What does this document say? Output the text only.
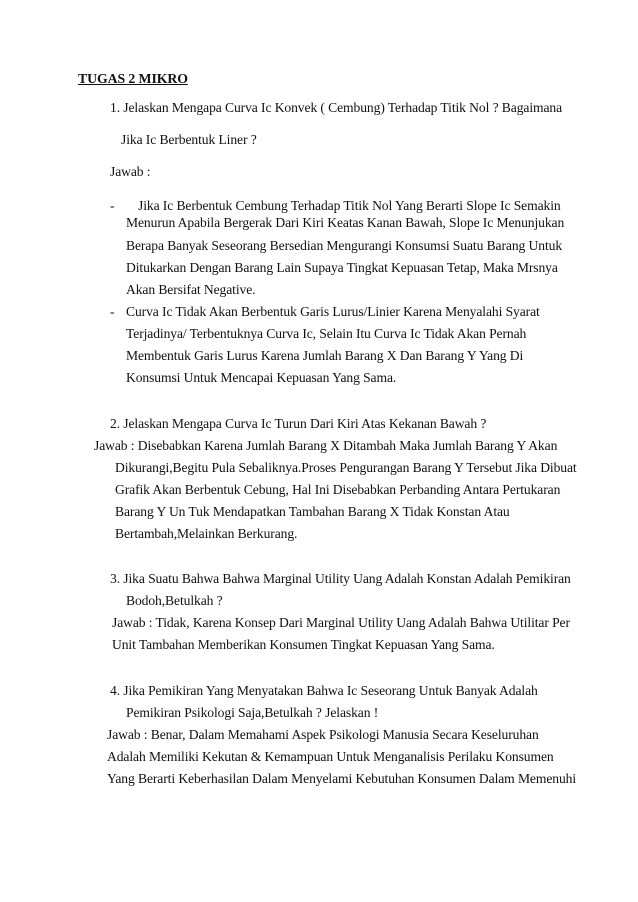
TUGAS 2 MIKRO
1. Jelaskan Mengapa Curva Ic Konvek ( Cembung) Terhadap Titik Nol ? Bagaimana
Jika Ic Berbentuk Liner ?
Jawab :
- Jika Ic Berbentuk Cembung Terhadap Titik Nol Yang Berarti Slope Ic Semakin
Menurun Apabila Bergerak Dari Kiri Keatas Kanan Bawah, Slope Ic Menunjukan
Berapa Banyak Seseorang Bersedian Mengurangi Konsumsi Suatu Barang Untuk
Ditukarkan Dengan Barang Lain Supaya Tingkat Kepuasan Tetap, Maka Mrsnya
Akan Bersifat Negative.
- Curva Ic Tidak Akan Berbentuk Garis Lurus/Linier Karena Menyalahi Syarat
Terjadinya/ Terbentuknya Curva Ic, Selain Itu Curva Ic Tidak Akan Pernah
Membentuk Garis Lurus Karena Jumlah Barang X Dan Barang Y Yang Di
Konsumsi Untuk Mencapai Kepuasan Yang Sama.
2. Jelaskan Mengapa Curva Ic Turun Dari Kiri Atas Kekanan Bawah ?
Jawab : Disebabkan Karena Jumlah Barang X Ditambah Maka Jumlah Barang Y Akan
Dikurangi,Begitu Pula Sebaliknya.Proses Pengurangan Barang Y Tersebut Jika Dibuat
Grafik Akan Berbentuk Cebung, Hal Ini Disebabkan Perbanding Antara Pertukaran
Barang Y Un Tuk Mendapatkan Tambahan Barang X Tidak Konstan Atau
Bertambah,Melainkan Berkurang.
3. Jika Suatu Bahwa Bahwa Marginal Utility Uang Adalah Konstan Adalah Pemikiran
Bodoh,Betulkah ?
Jawab : Tidak, Karena Konsep Dari Marginal Utility Uang Adalah Bahwa Utilitar Per
Unit Tambahan Memberikan Konsumen Tingkat Kepuasan Yang Sama.
4. Jika Pemikiran Yang Menyatakan Bahwa Ic Seseorang Untuk Banyak Adalah
Pemikiran Psikologi Saja,Betulkah ? Jelaskan !
Jawab : Benar, Dalam Memahami Aspek Psikologi Manusia Secara Keseluruhan
Adalah Memiliki Kekutan & Kemampuan Untuk Menganalisis Perilaku Konsumen
Yang Berarti Keberhasilan Dalam Menyelami Kebutuhan Konsumen Dalam Memenuhi
